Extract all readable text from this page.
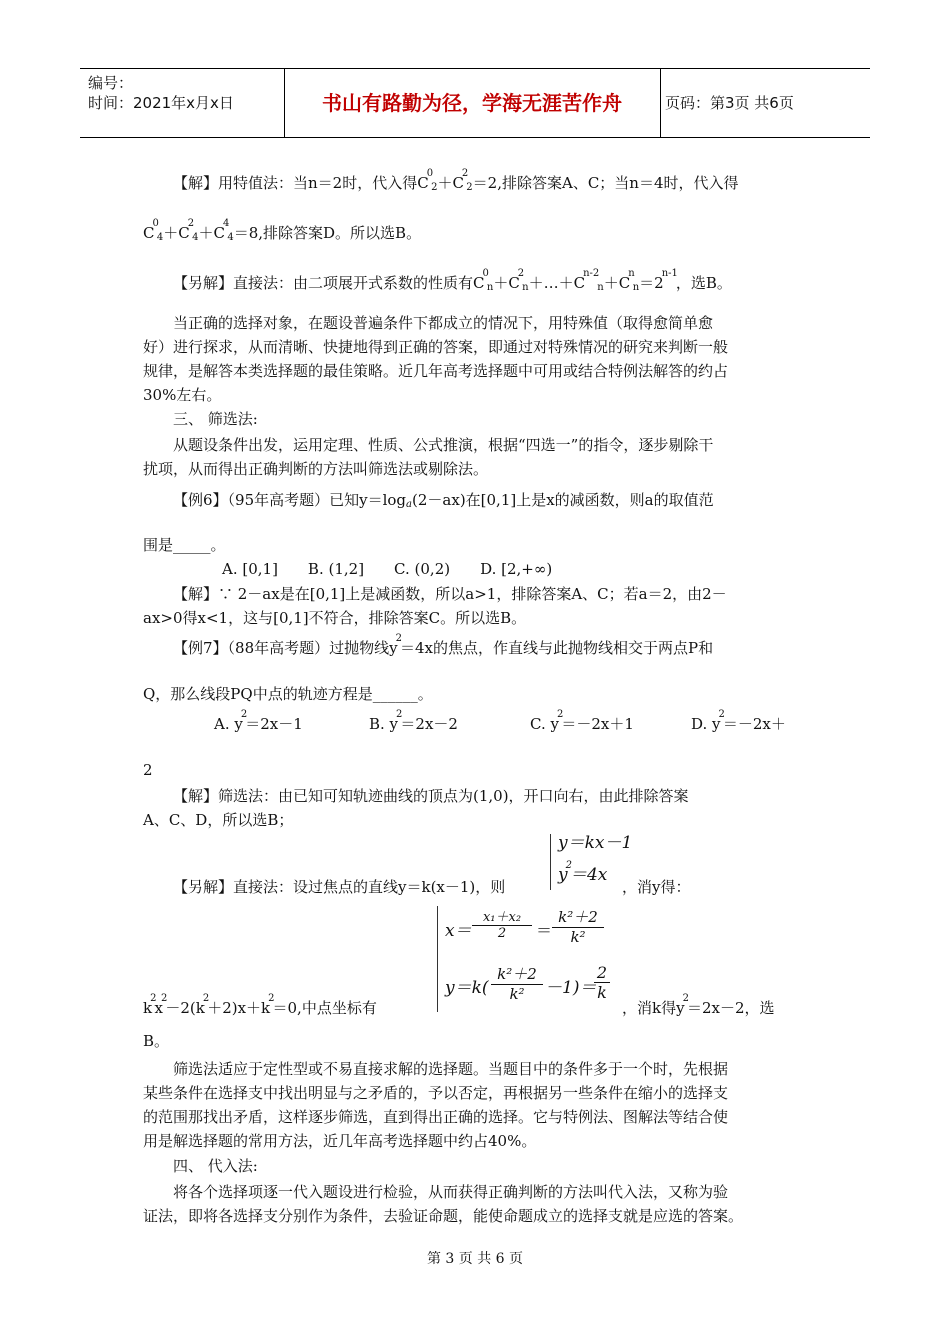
编号：
时间：2021年x月x日	书山有路勤为径，学海无涯苦作舟	页码：第3页 共6页
【解】用特值法：当n＝2时，代入得$C^02+C^22=2$,排除答案A、C；当n＝4时，代入得
$C^04+C^24+C^44=8$,排除答案D。所以选B。
【另解】直接法：由二项展开式系数的性质有$C^0n+C^2n+\dots+C^{n-2}n+C^nn=2^{n-1}$，选B。
当正确的选择对象，在题设普遍条件下都成立的情况下，用特殊值（取得愈简单愈
好）进行探求，从而清晰、快捷地得到正确的答案，即通过对特殊情况的研究来判断一般
规律，是解答本类选择题的最佳策略。近几年高考选择题中可用或结合特例法解答的约占
30%左右。
三、 筛选法:
从题设条件出发，运用定理、性质、公式推演，根据“四选一”的指令，逐步剔除干
扰项，从而得出正确判断的方法叫筛选法或剔除法。
【例6】（95年高考题）已知y＝loga(2－ax)在[0,1]上是x的减函数，则a的取值范
围是_____。
A. [0,1]　　B. (1,2]　　C. (0,2)　　D. [2,+∞)
【解】∵ 2－ax是在[0,1]上是减函数，所以a>1，排除答案A、C；若a＝2，由2－
ax>0得x<1，这与[0,1]不符合，排除答案C。所以选B。
【例7】（88年高考题）过抛物线$y^2=4x$的焦点，作直线与此抛物线相交于两点P和
Q，那么线段PQ中点的轨迹方程是______。
A. $y^2=2x-1$	B. $y^2=2x-2$	C. $y^2=-2x+1$	D. $y^2=-2x+$
2
【解】筛选法：由已知可知轨迹曲线的顶点为(1,0)，开口向右，由此排除答案
A、C、D，所以选B；
y＝kx－1
$y^2=4x$
【另解】直接法：设过焦点的直线y＝k(x－1)，则	，消y得：
$x= \frac{\text{x₁＋x₂}}{2} = \frac{\text{k²＋2}}{\text{k²}}$
$y=k( \frac{\text{k²＋2}}{\text{k²}} -1)=$
$\frac{2}{k}$
$k^2x^2-2(k^2+2)x+k^2=0$,中点坐标有	，消k得$y^2=2x-2$，选
B。
筛选法适应于定性型或不易直接求解的选择题。当题目中的条件多于一个时，先根据
某些条件在选择支中找出明显与之矛盾的，予以否定，再根据另一些条件在缩小的选择支
的范围那找出矛盾，这样逐步筛选，直到得出正确的选择。它与特例法、图解法等结合使
用是解选择题的常用方法，近几年高考选择题中约占40%。
四、 代入法:
将各个选择项逐一代入题设进行检验，从而获得正确判断的方法叫代入法，又称为验
证法，即将各选择支分别作为条件，去验证命题，能使命题成立的选择支就是应选的答案。
第 3 页 共 6 页
